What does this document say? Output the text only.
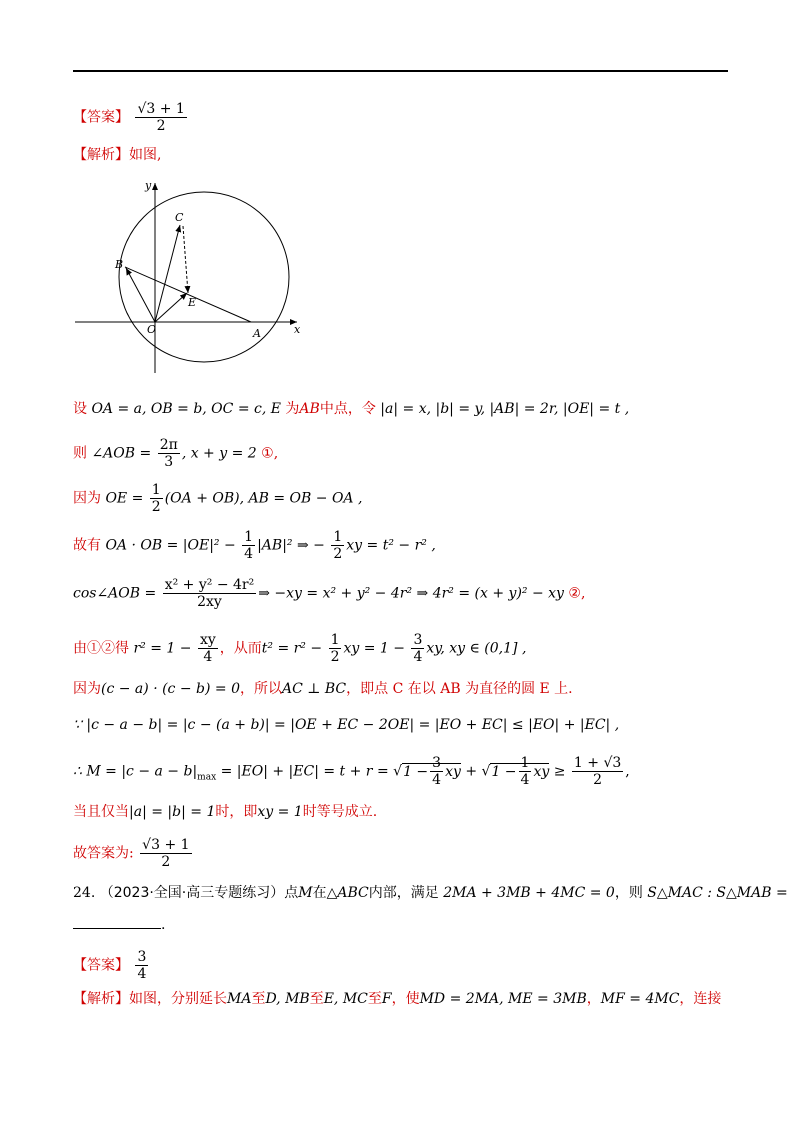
【答案】 $\frac{√3 + 1}{2}$
【解析】如图,
y
x
C
B
E
O	A
设 OA = a, OB = b, OC = c, E 为AB中点，令 |a| = x, |b| = y, |AB| = 2r, |OE| = t ,
则 ∠AOB = $\frac{2\pi}{3}$ , x + y = 2 ①,
因为 OE = $\frac{1}{2} (OA + OB)$, AB = OB − OA ,
故有 OA · OB = $|OE|^2 - \frac{1}{4} |AB|^2$ ⇒ − $\frac{1}{2}$ xy = t² − r² ,
cos∠AOB = $\frac{\text{x² + y² − 4r²}}{2xy}$ ⇒ −xy = x² + y² − 4r² ⇒ 4r² = (x + y)² − xy ②,
由①②得 $r^2 = 1 - \frac{xy}{4}$ ，从而$t^2 = r^2 - \frac{1}{2}$ xy = $1 - \frac{3}{4}$ xy, xy ∈ (0,1] ,
因为(c − a) · (c − b) = 0，所以AC ⊥ BC，即点 C 在以 AB 为直径的圆 E 上.
∵ |c − a − b| = |c − (a + b)| = |OE + EC − 2OE| = |EO + EC| ≤ |EO| + |EC| ,
∴ $M = |c - a - b|_{max} = |EO| + |EC| = t + r = √1 - \frac{3}{4}$ xy + $√1 - \frac{1}{4}$ xy ≥ $\frac{1 + √3}{2}$ ,
当且仅当|a| = |b| = 1时，即xy = 1时等号成立.
故答案为: $\frac{√3 + 1}{2}$
24. （2023·全国·高三专题练习）点M在△ABC内部，满足 2MA + 3MB + 4MC = 0，则 S△MAC : S△MAB =
.
【答案】 $\frac{3}{4}$
【解析】如图，分别延长MA至D, MB至E, MC至F，使MD = 2MA, ME = 3MB，MF = 4MC，连接
